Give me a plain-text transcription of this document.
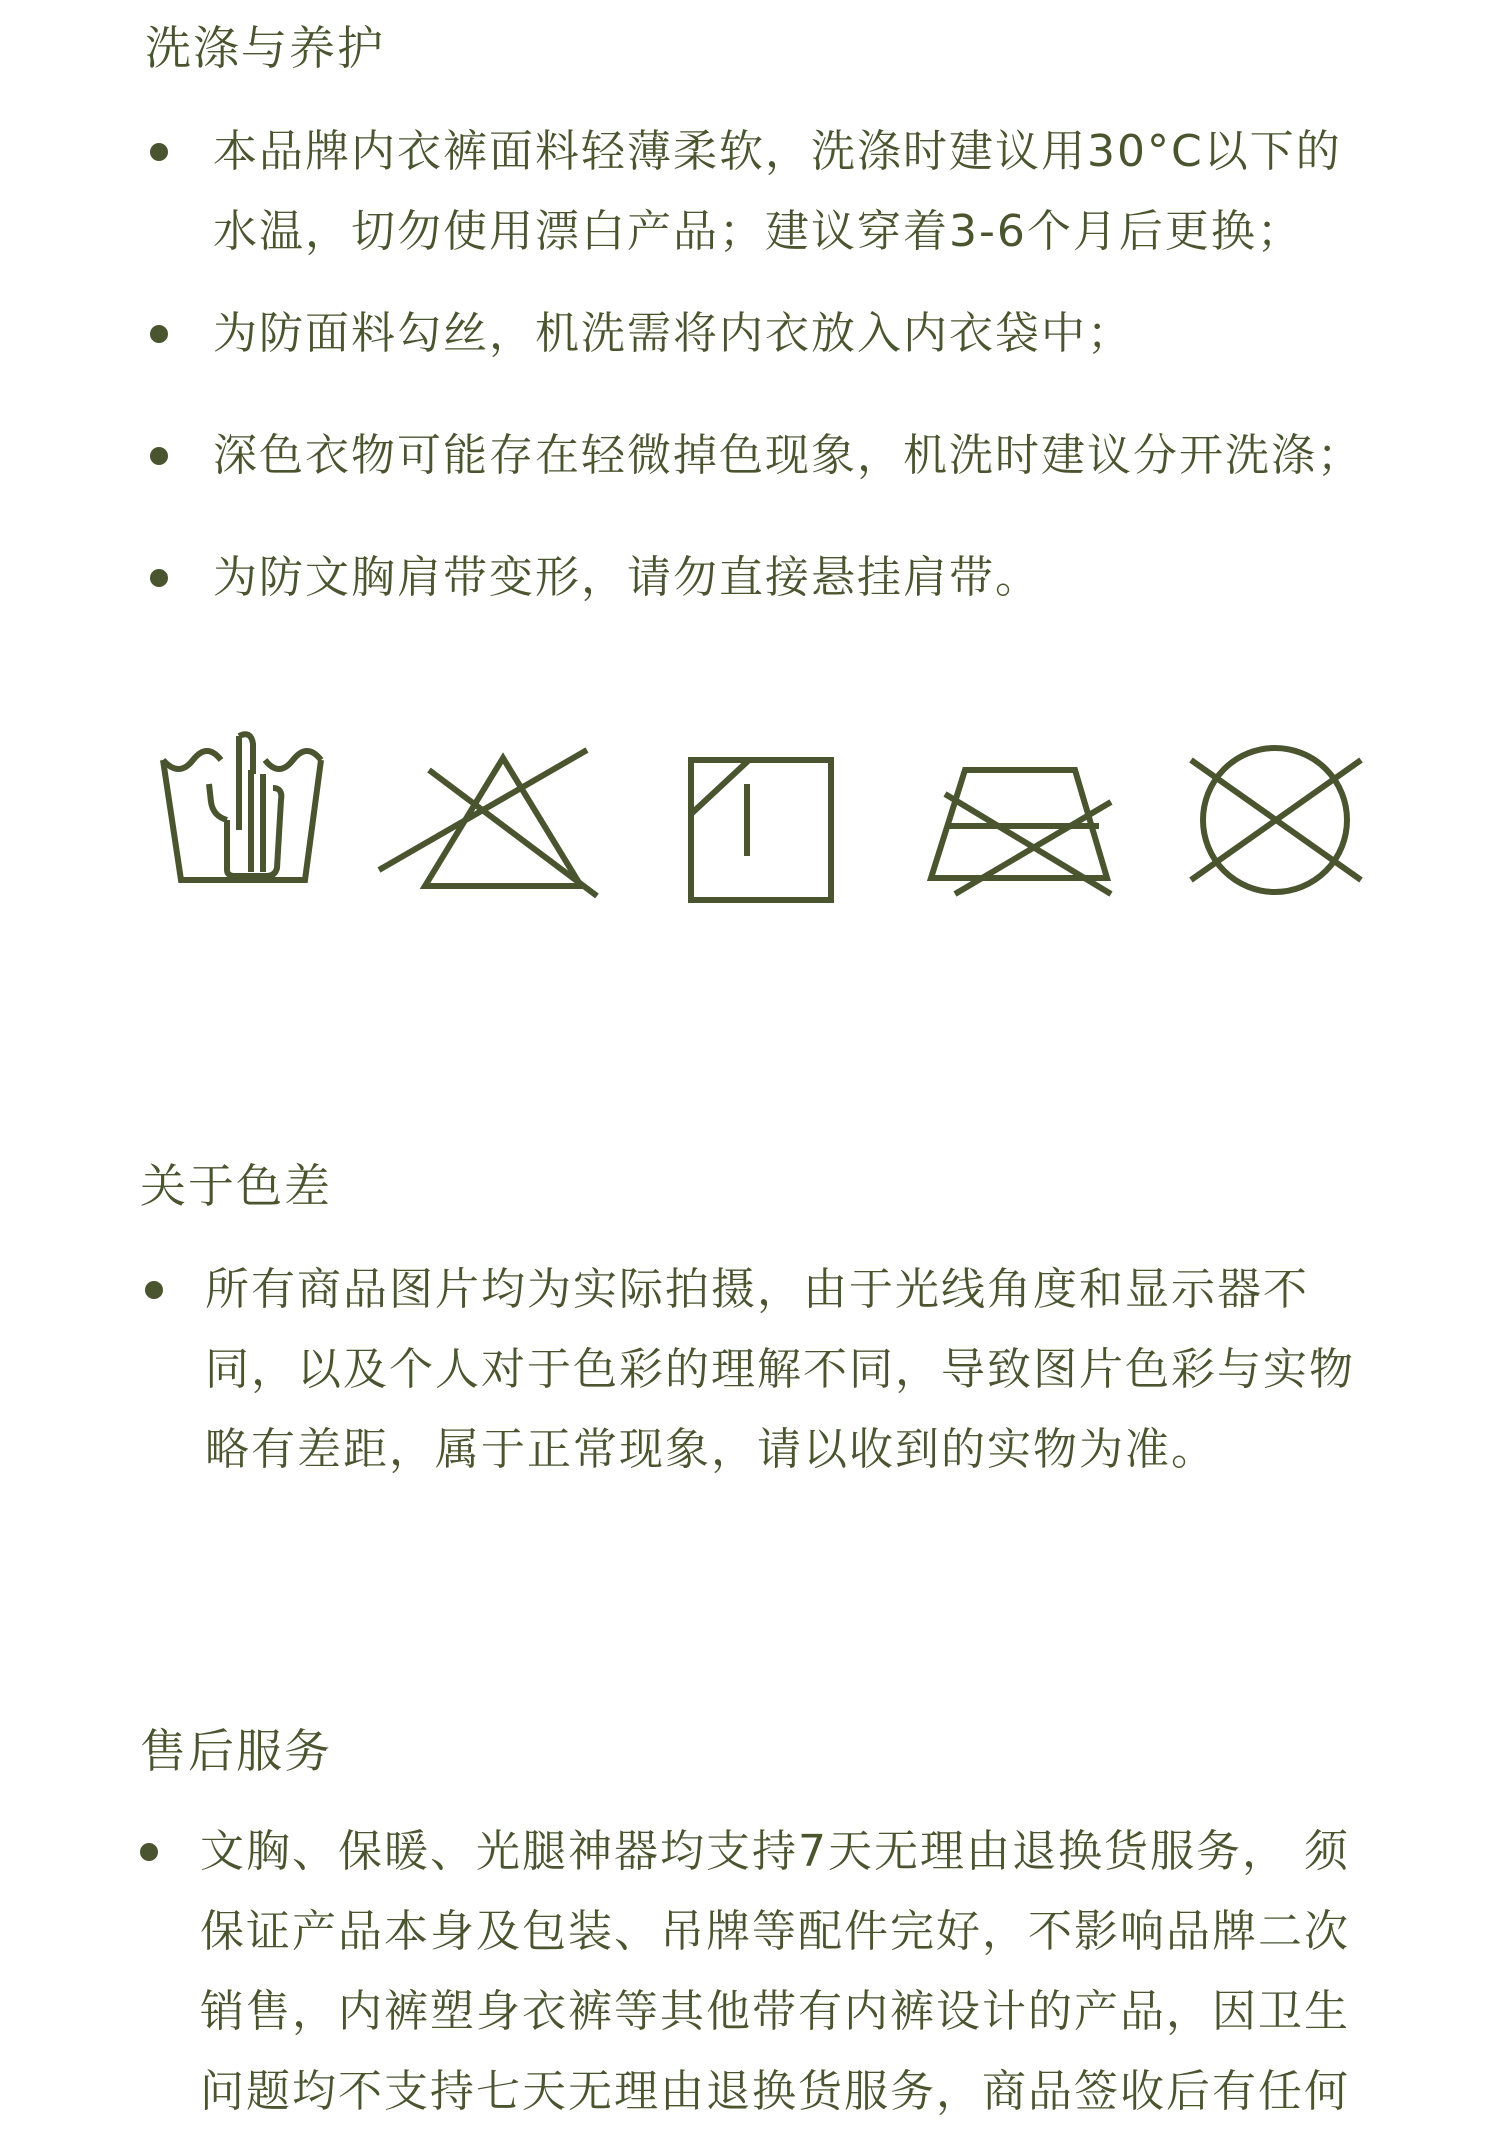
洗涤与养护
本品牌内衣裤面料轻薄柔软，洗涤时建议用30°C以下的水温，切勿使用漂白产品；建议穿着3-6个月后更换；
为防面料勾丝，机洗需将内衣放入内衣袋中；
深色衣物可能存在轻微掉色现象，机洗时建议分开洗涤；
为防文胸肩带变形，请勿直接悬挂肩带。
关于色差
所有商品图片均为实际拍摄，由于光线角度和显示器不同，以及个人对于色彩的理解不同，导致图片色彩与实物略有差距，属于正常现象，请以收到的实物为准。
售后服务
文胸、保暖、光腿神器均支持7天无理由退换货服务， 须保证产品本身及包装、吊牌等配件完好，不影响品牌二次销售，内裤塑身衣裤等其他带有内裤设计的产品，因卫生问题均不支持七天无理由退换货服务，商品签收后有任何
